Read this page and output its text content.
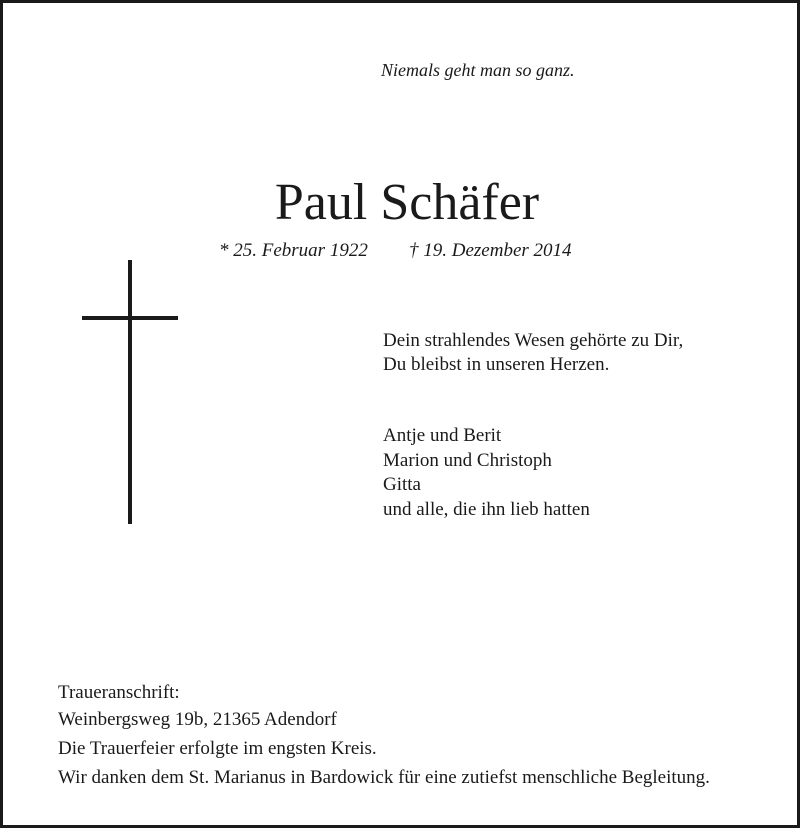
Niemals geht man so ganz.
Paul Schäfer
* 25. Februar 1922 † 19. Dezember 2014
Dein strahlendes Wesen gehörte zu Dir,
Du bleibst in unseren Herzen.
Antje und Berit
Marion und Christoph
Gitta
und alle, die ihn lieb hatten
Traueranschrift:
Weinbergsweg 19b, 21365 Adendorf
Die Trauerfeier erfolgte im engsten Kreis.
Wir danken dem St. Marianus in Bardowick für eine zutiefst menschliche Begleitung.
